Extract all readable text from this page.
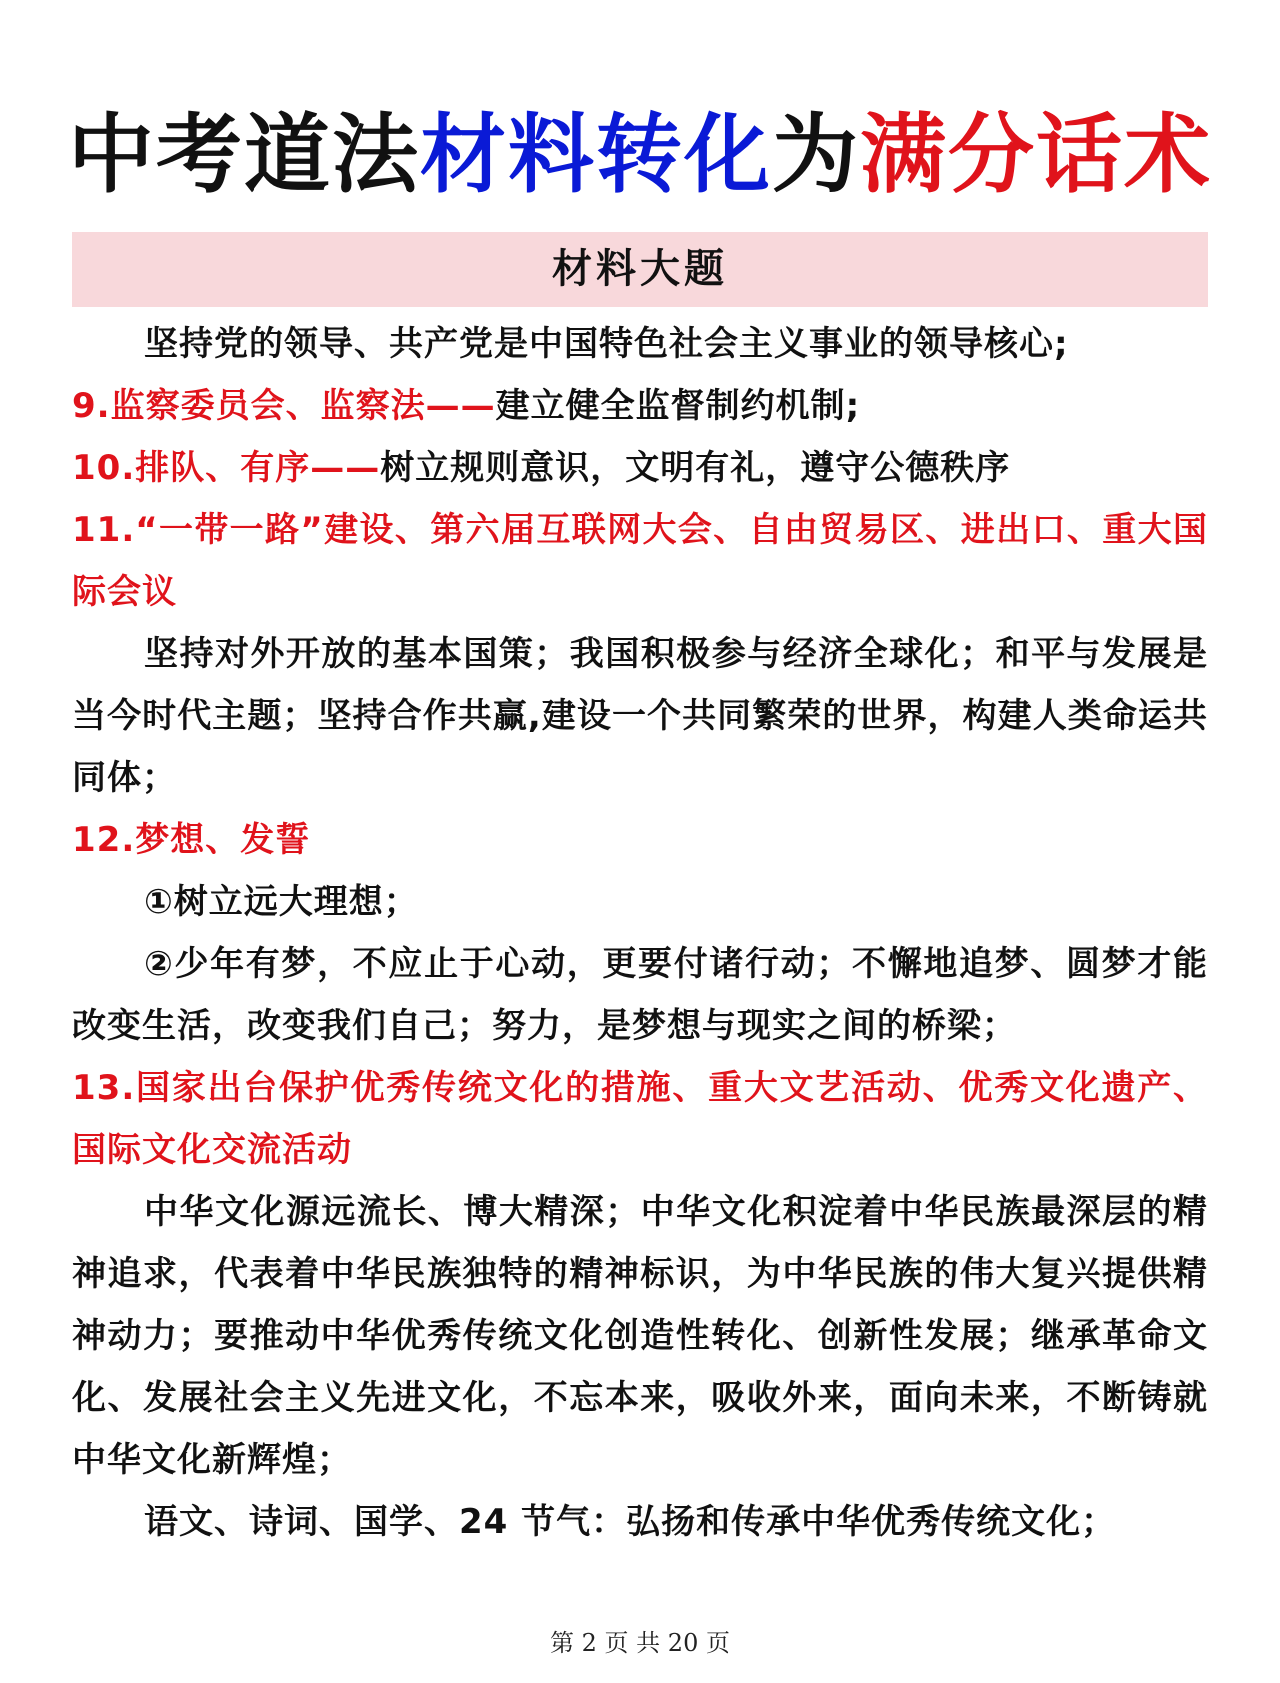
中考道法材料转化为满分话术
材料大题

坚持党的领导、共产党是中国特色社会主义事业的领导核心;

9.监察委员会、监察法——建立健全监督制约机制;

10.排队、有序——树立规则意识，文明有礼，遵守公德秩序

11.“一带一路”建设、第六届互联网大会、自由贸易区、进出口、重大国际会议

坚持对外开放的基本国策；我国积极参与经济全球化；和平与发展是当今时代主题；坚持合作共赢,建设一个共同繁荣的世界，构建人类命运共同体；

12.梦想、发誓

①树立远大理想；

②少年有梦，不应止于心动，更要付诸行动；不懈地追梦、圆梦才能改变生活，改变我们自己；努力，是梦想与现实之间的桥梁；

13.国家出台保护优秀传统文化的措施、重大文艺活动、优秀文化遗产、国际文化交流活动

中华文化源远流长、博大精深；中华文化积淀着中华民族最深层的精神追求，代表着中华民族独特的精神标识，为中华民族的伟大复兴提供精神动力；要推动中华优秀传统文化创造性转化、创新性发展；继承革命文化、发展社会主义先进文化，不忘本来，吸收外来，面向未来，不断铸就中华文化新辉煌；

语文、诗词、国学、24 节气：弘扬和传承中华优秀传统文化；

第 2 页 共 20 页
